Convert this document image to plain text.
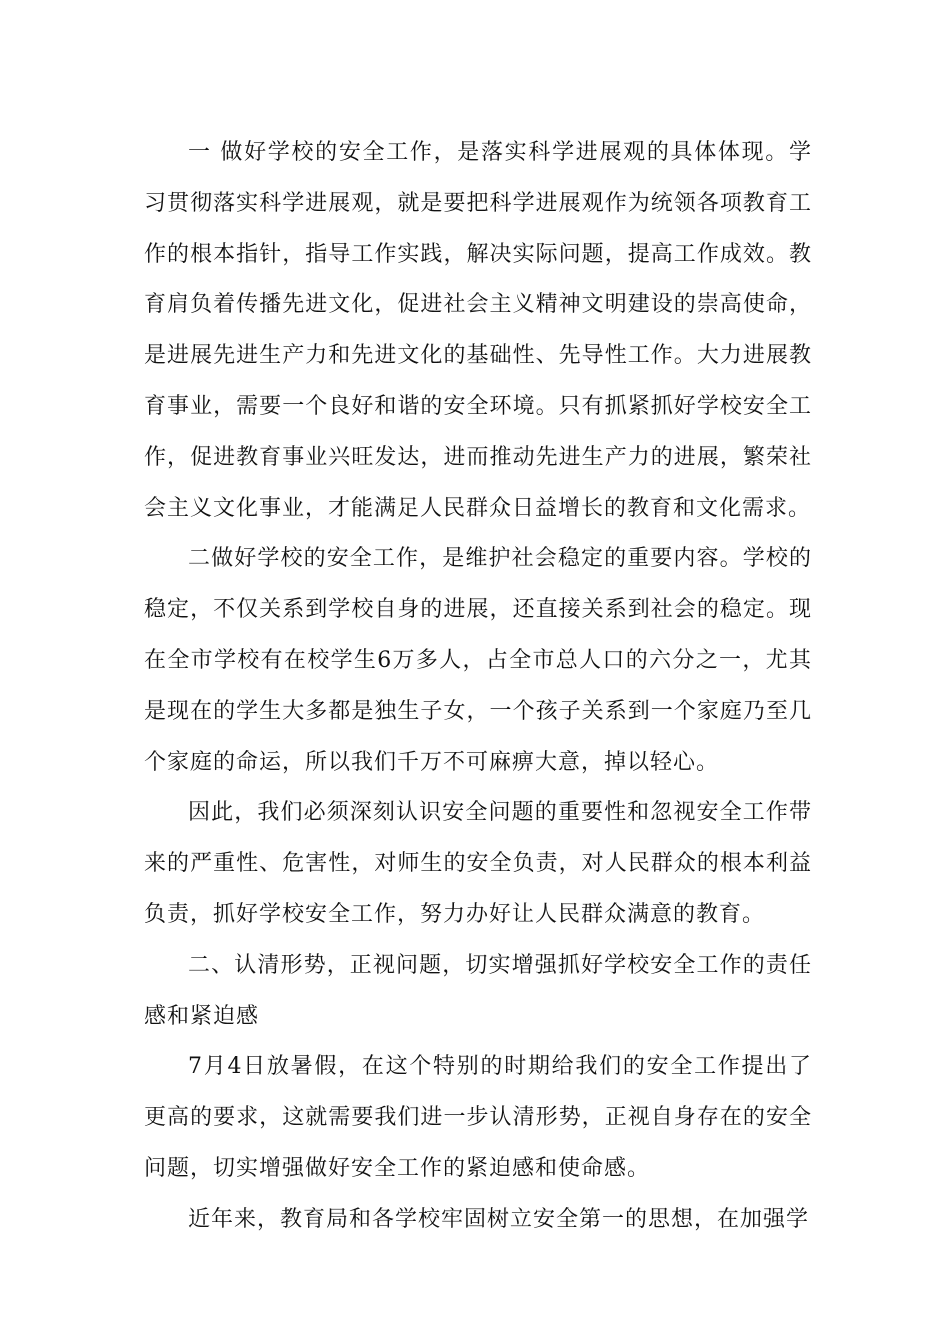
一 做好学校的安全工作，是落实科学进展观的具体体现。学习贯彻落实科学进展观，就是要把科学进展观作为统领各项教育工作的根本指针，指导工作实践，解决实际问题，提高工作成效。教育肩负着传播先进文化，促进社会主义精神文明建设的崇高使命，是进展先进生产力和先进文化的基础性、先导性工作。大力进展教育事业，需要一个良好和谐的安全环境。只有抓紧抓好学校安全工作，促进教育事业兴旺发达，进而推动先进生产力的进展，繁荣社会主义文化事业，才能满足人民群众日益增长的教育和文化需求。

二做好学校的安全工作，是维护社会稳定的重要内容。学校的稳定，不仅关系到学校自身的进展，还直接关系到社会的稳定。现在全市学校有在校学生6万多人，占全市总人口的六分之一，尤其是现在的学生大多都是独生子女，一个孩子关系到一个家庭乃至几个家庭的命运，所以我们千万不可麻痹大意，掉以轻心。

因此，我们必须深刻认识安全问题的重要性和忽视安全工作带来的严重性、危害性，对师生的安全负责，对人民群众的根本利益负责，抓好学校安全工作，努力办好让人民群众满意的教育。

二、认清形势，正视问题，切实增强抓好学校安全工作的责任感和紧迫感

7月4日放暑假，在这个特别的时期给我们的安全工作提出了更高的要求，这就需要我们进一步认清形势，正视自身存在的安全问题，切实增强做好安全工作的紧迫感和使命感。

近年来，教育局和各学校牢固树立安全第一的思想，在加强学
